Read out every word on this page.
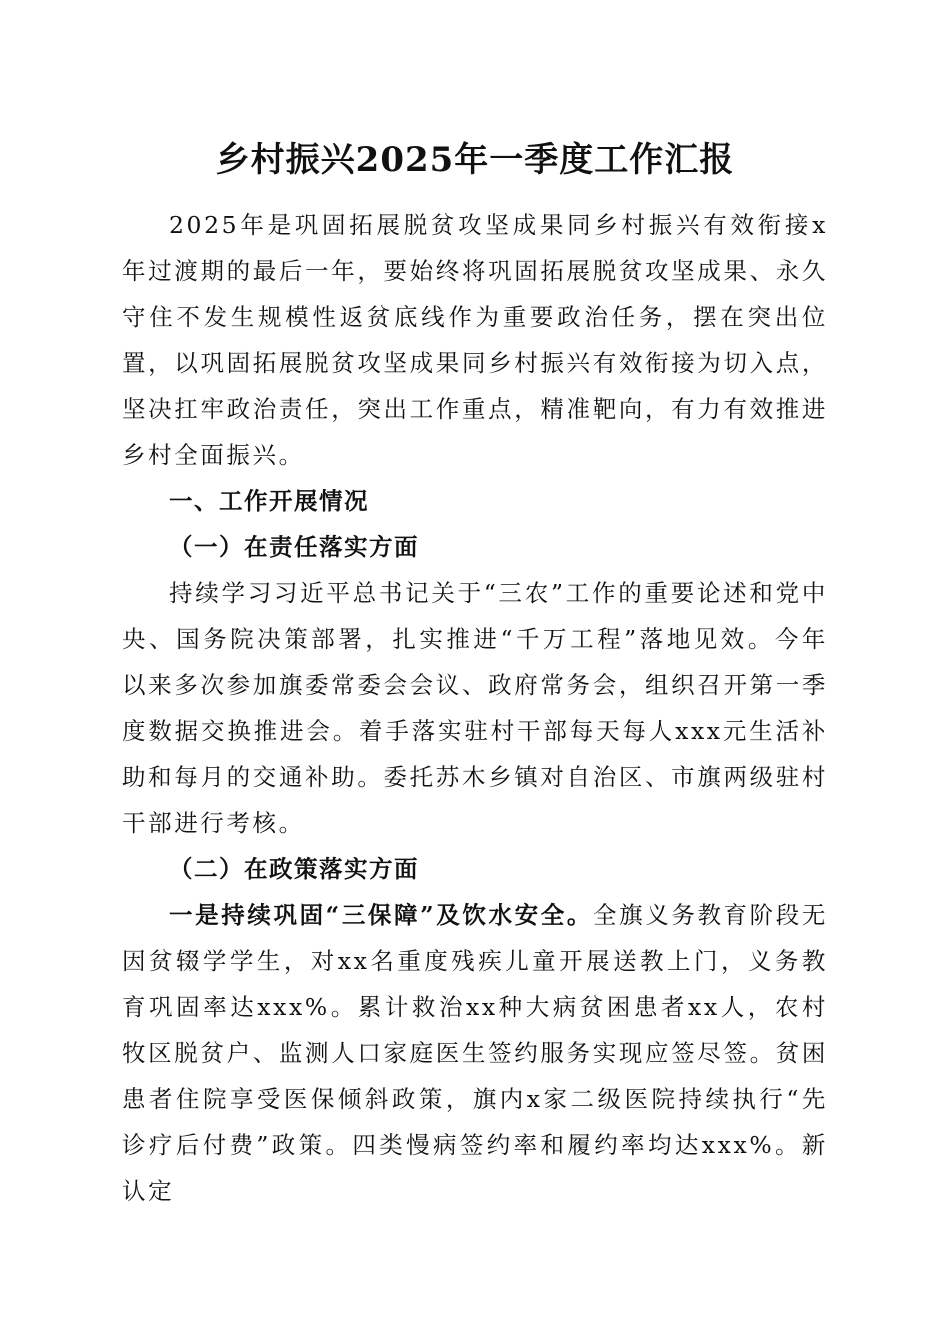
乡村振兴2025年一季度工作汇报

2025年是巩固拓展脱贫攻坚成果同乡村振兴有效衔接x年过渡期的最后一年，要始终将巩固拓展脱贫攻坚成果、永久守住不发生规模性返贫底线作为重要政治任务，摆在突出位置，以巩固拓展脱贫攻坚成果同乡村振兴有效衔接为切入点，坚决扛牢政治责任，突出工作重点，精准靶向，有力有效推进乡村全面振兴。

一、工作开展情况

（一）在责任落实方面

持续学习习近平总书记关于“三农”工作的重要论述和党中央、国务院决策部署，扎实推进“千万工程”落地见效。今年以来多次参加旗委常委会会议、政府常务会，组织召开第一季度数据交换推进会。着手落实驻村干部每天每人xxx元生活补助和每月的交通补助。委托苏木乡镇对自治区、市旗两级驻村干部进行考核。

（二）在政策落实方面

一是持续巩固“三保障”及饮水安全。全旗义务教育阶段无因贫辍学学生，对xx名重度残疾儿童开展送教上门，义务教育巩固率达xxx%。累计救治xx种大病贫困患者xx人，农村牧区脱贫户、监测人口家庭医生签约服务实现应签尽签。贫困患者住院享受医保倾斜政策，旗内x家二级医院持续执行“先诊疗后付费”政策。四类慢病签约率和履约率均达xxx%。新认定
